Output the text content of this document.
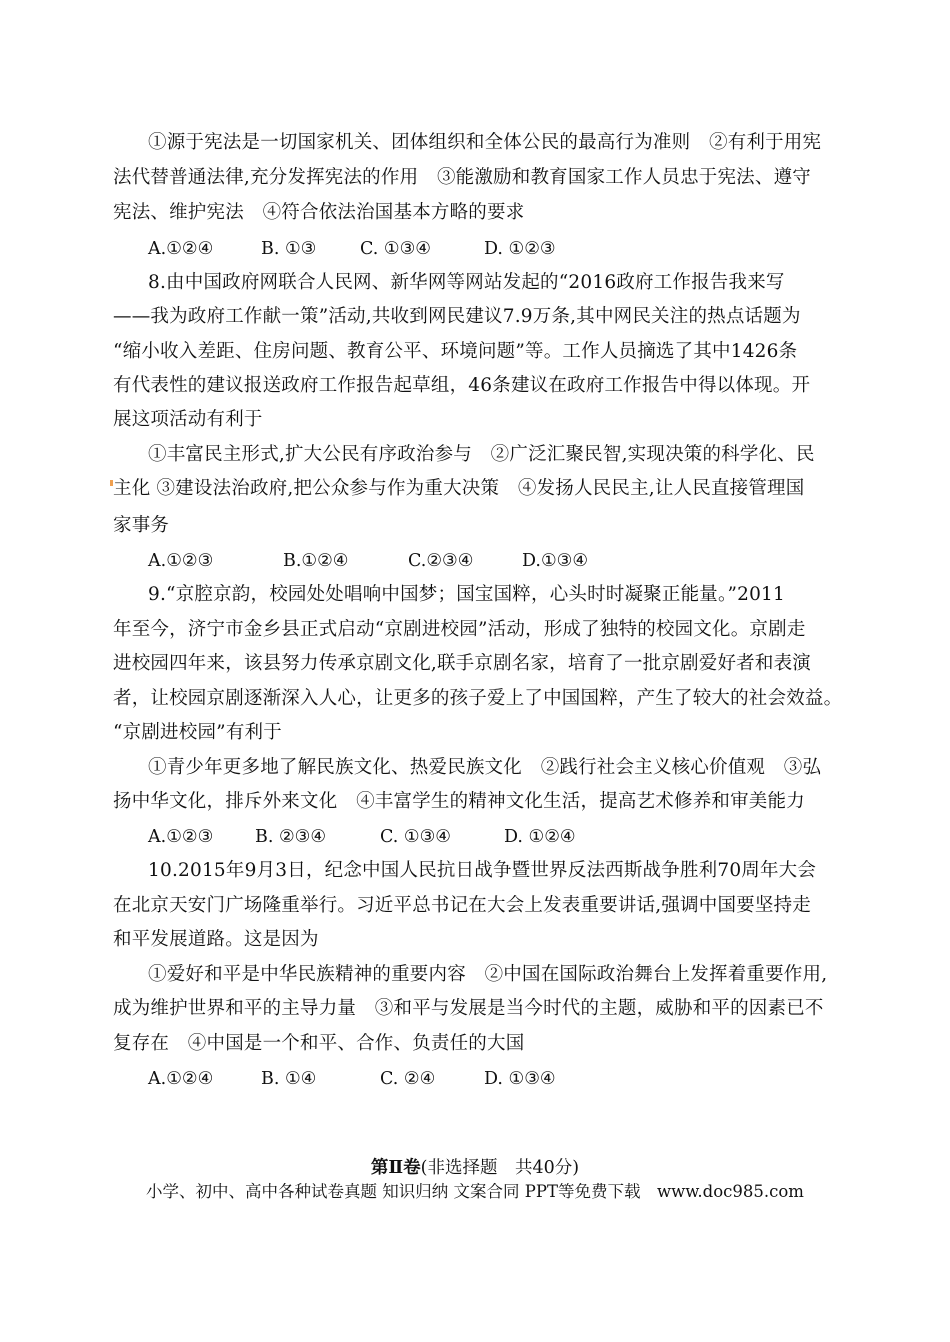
①源于宪法是一切国家机关、团体组织和全体公民的最高行为准则　②有利于用宪
法代替普通法律,充分发挥宪法的作用　③能激励和教育国家工作人员忠于宪法、遵守
宪法、维护宪法　④符合依法治国基本方略的要求
A.①②④	B. ①③ C. ①③④	D. ①②③
8.由中国政府网联合人民网、新华网等网站发起的“2016政府工作报告我来写
——我为政府工作献一策”活动,共收到网民建议7.9万条,其中网民关注的热点话题为
“缩小收入差距、住房问题、教育公平、环境问题”等。工作人员摘选了其中1426条
有代表性的建议报送政府工作报告起草组，46条建议在政府工作报告中得以体现。开
展这项活动有利于
①丰富民主形式,扩大公民有序政治参与　②广泛汇聚民智,实现决策的科学化、民
主化 ③建设法治政府,把公众参与作为重大决策　④发扬人民民主,让人民直接管理国
家事务
A.①②③	B.①②④	C.②③④	D.①③④
9.“京腔京韵，校园处处唱响中国梦；国宝国粹，心头时时凝聚正能量。”2011
年至今，济宁市金乡县正式启动“京剧进校园”活动，形成了独特的校园文化。京剧走
进校园四年来，该县努力传承京剧文化,联手京剧名家，培育了一批京剧爱好者和表演
者，让校园京剧逐渐深入人心，让更多的孩子爱上了中国国粹，产生了较大的社会效益。
“京剧进校园”有利于
①青少年更多地了解民族文化、热爱民族文化　②践行社会主义核心价值观　③弘
扬中华文化，排斥外来文化　④丰富学生的精神文化生活，提高艺术修养和审美能力
A.①②③ B. ②③④	C. ①③④	D. ①②④
10.2015年9月3日，纪念中国人民抗日战争暨世界反法西斯战争胜利70周年大会
在北京天安门广场隆重举行。习近平总书记在大会上发表重要讲话,强调中国要坚持走
和平发展道路。这是因为
①爱好和平是中华民族精神的重要内容　②中国在国际政治舞台上发挥着重要作用,
成为维护世界和平的主导力量　③和平与发展是当今时代的主题，威胁和平的因素已不
复存在　④中国是一个和平、合作、负责任的大国
A.①②④	B. ①④	C. ②④	D. ①③④
第Ⅱ卷(非选择题　共40分)
小学、初中、高中各种试卷真题 知识归纳 文案合同 PPT等免费下载　www.doc985.com
